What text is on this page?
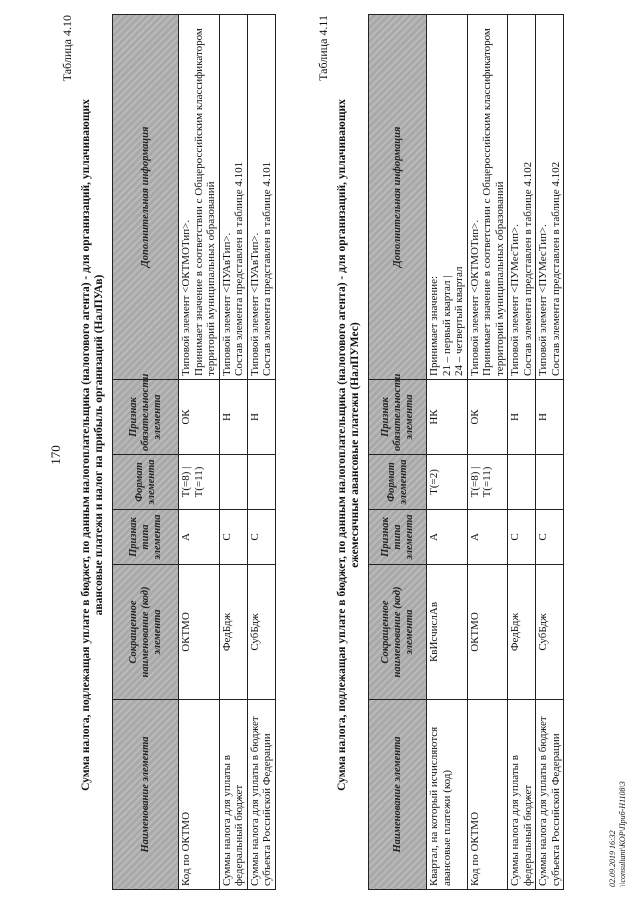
170
Таблица 4.10
Сумма налога, подлежащая уплате в бюджет, по данным налогоплательщика (налогового агента) - для организаций, уплачивающих авансовые платежи и налог на прибыль организаций (НалПУАв)
Наименование элемента	Сокращенное наименование (код) элемента	Признак типа элемента	Формат элемента	Признак обязательности элемента	Дополнительная информация
Код по ОКТМО	ОКТМО	А	T(=8) | T(=11)	ОК	Типовой элемент <ОКТМОТип>. Принимает значение в соответствии с Общероссийским классификатором территорий муниципальных образований

Суммы налога для уплаты в федеральный бюджет	ФедБдж	С		Н	Типовой элемент <ПУАвТип>. Состав элемента представлен в таблице 4.101

Суммы налога для уплаты в бюджет субъекта Российской Федерации	СубБдж	С		Н	Типовой элемент <ПУАвТип>. Состав элемента представлен в таблице 4.101
Таблица 4.11
Сумма налога, подлежащая уплате в бюджет, по данным налогоплательщика (налогового агента) - для организаций, уплачивающих ежемесячные авансовые платежи (НалПУМес)
Наименование элемента	Сокращенное наименование (код) элемента	Признак типа элемента	Формат элемента	Признак обязательности элемента	Дополнительная информация
Квартал, на который исчисляются авансовые платежи (код)	КвИсчислАв	А	T(=2)	НК	Принимает значение: 21 – первый квартал | 24 – четвертый квартал

Код по ОКТМО	ОКТМО	А	T(=8) | T(=11)	ОК	Типовой элемент <ОКТМОТип>. Принимает значение в соответствии с Общероссийским классификатором территорий муниципальных образований

Суммы налога для уплаты в федеральный бюджет	ФедБдж	С		Н	Типовой элемент <ПУМесТип>. Состав элемента представлен в таблице 4.102

Суммы налога для уплаты в бюджет субъекта Российской Федерации	СубБдж	С		Н	Типовой элемент <ПУМесТип>. Состав элемента представлен в таблице 4.102
02.09.2019 16:32 \\consultant\КОР\Приб-Н1108\3
